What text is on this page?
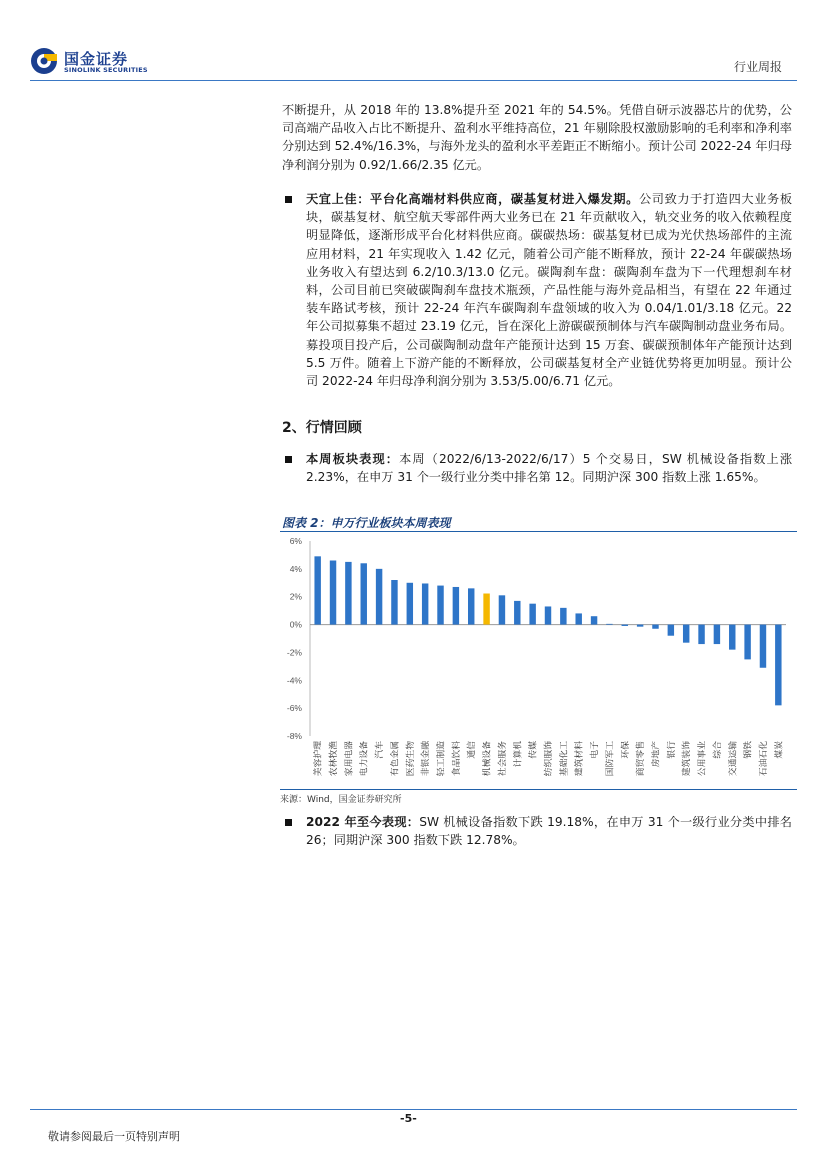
国金证券
SINOLINK SECURITIES	行业周报
不断提升，从 2018 年的 13.8%提升至 2021 年的 54.5%。凭借自研示波器芯片的优势，公司高端产品收入占比不断提升、盈利水平维持高位，21 年剔除股权激励影响的毛利率和净利率分别达到 52.4%/16.3%，与海外龙头的盈利水平差距正不断缩小。预计公司 2022-24 年归母净利润分别为 0.92/1.66/2.35 亿元。
天宜上佳：平台化高端材料供应商，碳基复材进入爆发期。公司致力于打造四大业务板块，碳基复材、航空航天零部件两大业务已在 21 年贡献收入，轨交业务的收入依赖程度明显降低，逐渐形成平台化材料供应商。碳碳热场：碳基复材已成为光伏热场部件的主流应用材料，21 年实现收入 1.42 亿元，随着公司产能不断释放，预计 22-24 年碳碳热场业务收入有望达到 6.2/10.3/13.0 亿元。碳陶刹车盘：碳陶刹车盘为下一代理想刹车材料，公司目前已突破碳陶刹车盘技术瓶颈，产品性能与海外竞品相当，有望在 22 年通过装车路试考核，预计 22-24 年汽车碳陶刹车盘领域的收入为 0.04/1.01/3.18 亿元。22 年公司拟募集不超过 23.19 亿元，旨在深化上游碳碳预制体与汽车碳陶制动盘业务布局。募投项目投产后，公司碳陶制动盘年产能预计达到 15 万套、碳碳预制体年产能预计达到 5.5 万件。随着上下游产能的不断释放，公司碳基复材全产业链优势将更加明显。预计公司 2022-24 年归母净利润分别为 3.53/5.00/6.71 亿元。
2、行情回顾
本周板块表现：本周（2022/6/13-2022/6/17）5 个交易日，SW 机械设备指数上涨 2.23%，在申万 31 个一级行业分类中排名第 12。同期沪深 300 指数上涨 1.65%。
图表 2：申万行业板块本周表现
6%
4%
2%
0%
-2%
-4%
-6%
-8%
美容护理 农林牧渔 家用电器 电力设备 汽车 有色金属 医药生物 非银金融 轻工制造 食品饮料 通信 机械设备 社会服务 计算机 传媒 纺织服饰 基础化工 建筑材料 电子 国防军工 环保 商贸零售 房地产 银行 建筑装饰 公用事业 综合 交通运输 钢铁 石油石化 煤炭
来源：Wind，国金证券研究所
2022 年至今表现：SW 机械设备指数下跌 19.18%，在申万 31 个一级行业分类中排名 26；同期沪深 300 指数下跌 12.78%。
-5-
敬请参阅最后一页特别声明
